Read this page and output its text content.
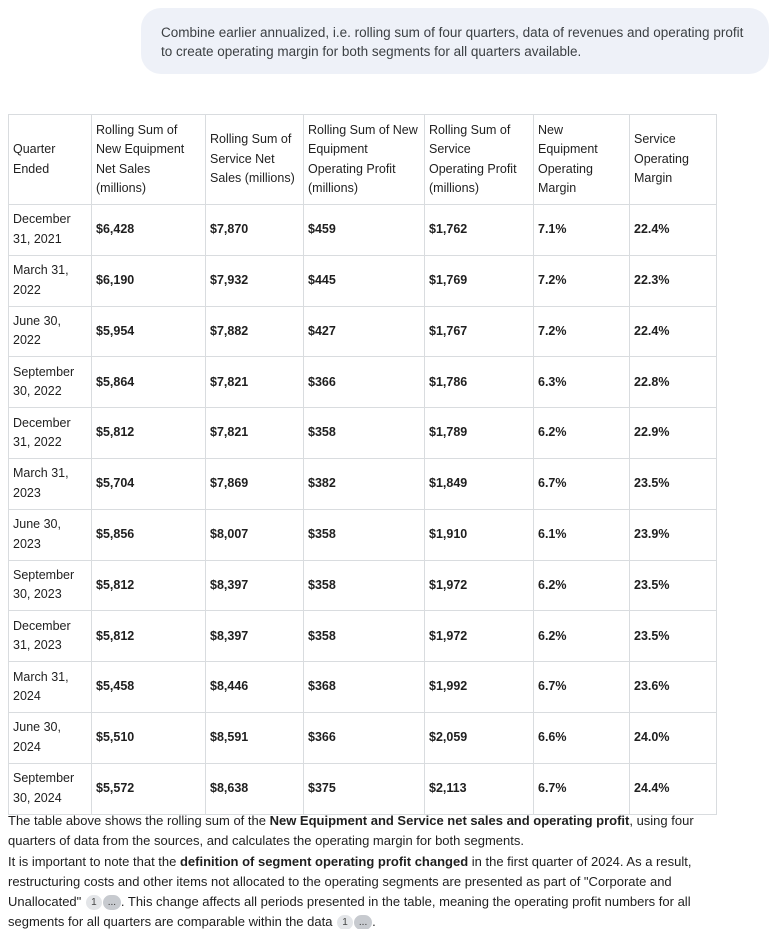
Combine earlier annualized, i.e. rolling sum of four quarters, data of revenues and operating profit to create operating margin for both segments for all quarters available.
Quarter Ended	Rolling Sum of New Equipment Net Sales (millions)	Rolling Sum of Service Net Sales (millions)	Rolling Sum of New Equipment Operating Profit (millions)	Rolling Sum of Service Operating Profit (millions)	New Equipment Operating Margin	Service Operating Margin
December 31, 2021	$6,428	$7,870	$459	$1,762	7.1%	22.4%
March 31, 2022	$6,190	$7,932	$445	$1,769	7.2%	22.3%
June 30, 2022	$5,954	$7,882	$427	$1,767	7.2%	22.4%
September 30, 2022	$5,864	$7,821	$366	$1,786	6.3%	22.8%
December 31, 2022	$5,812	$7,821	$358	$1,789	6.2%	22.9%
March 31, 2023	$5,704	$7,869	$382	$1,849	6.7%	23.5%
June 30, 2023	$5,856	$8,007	$358	$1,910	6.1%	23.9%
September 30, 2023	$5,812	$8,397	$358	$1,972	6.2%	23.5%
December 31, 2023	$5,812	$8,397	$358	$1,972	6.2%	23.5%
March 31, 2024	$5,458	$8,446	$368	$1,992	6.7%	23.6%
June 30, 2024	$5,510	$8,591	$366	$2,059	6.6%	24.0%
September 30, 2024	$5,572	$8,638	$375	$2,113	6.7%	24.4%

The table above shows the rolling sum of the New Equipment and Service net sales and operating profit, using four quarters of data from the sources, and calculates the operating margin for both segments.

It is important to note that the definition of segment operating profit changed in the first quarter of 2024. As a result, restructuring costs and other items not allocated to the operating segments are presented as part of "Corporate and Unallocated" 1 ... . This change affects all periods presented in the table, meaning the operating profit numbers for all segments for all quarters are comparable within the data 1 ... .
